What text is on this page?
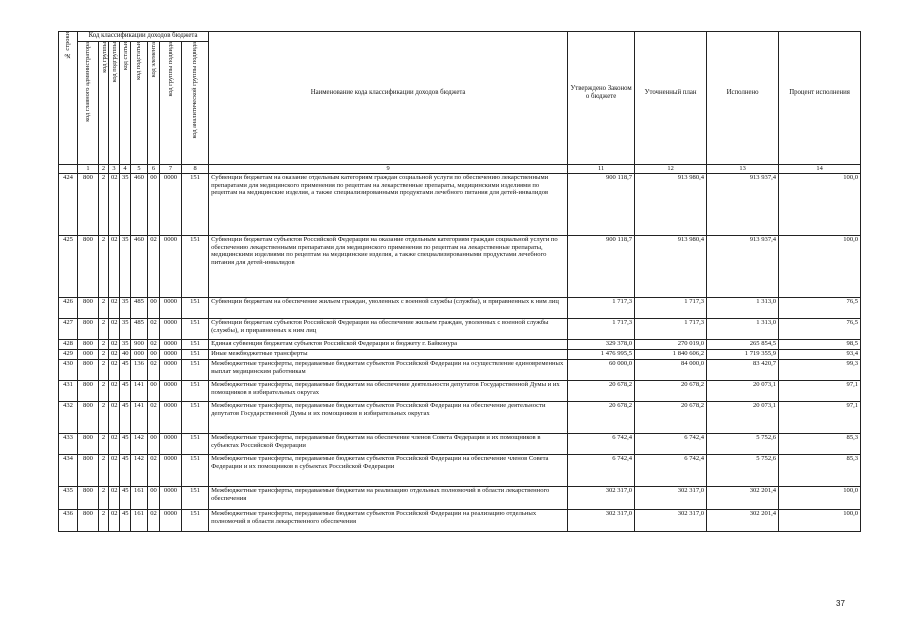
№ строки	Код классификации доходов бюджета								Наименование кода классификации доходов бюджета	Утверждено Законом о бюджете	Уточненный план	Исполнено	Процент исполнения

	код главного администратора	код группы	код подгруппы	код статьи	код подстатьи	код элемента	код группы подвида	код аналитической группы подвида					
	1	2	3	4	5	6	7	8	9	11	12	13	14
424	800	2	02	35	460	00	0000	151	Субвенции бюджетам на оказание отдельным категориям граждан социальной услуги по обеспечению лекарственными препаратами для медицинского применения по рецептам на лекарственные препараты, медицинскими изделиями по рецептам на медицинские изделия, а также специализированными продуктами лечебного питания для детей-инвалидов	900 118,7	913 980,4	913 937,4	100,0
425	800	2	02	35	460	02	0000	151	Субвенции бюджетам субъектов Российской Федерации на оказание отдельным категориям граждан социальной услуги по обеспечению лекарственными препаратами для медицинского применения по рецептам на лекарственные препараты, медицинскими изделиями по рецептам на медицинские изделия, а также специализированными продуктами лечебного питания для детей-инвалидов	900 118,7	913 980,4	913 937,4	100,0
426	800	2	02	35	485	00	0000	151	Субвенции бюджетам на обеспечение жильем граждан, уволенных с военной службы (службы), и приравненных к ним лиц	1 717,3	1 717,3	1 313,0	76,5
427	800	2	02	35	485	02	0000	151	Субвенции бюджетам субъектов Российской Федерации на обеспечение жильем граждан, уволенных с военной службы (службы), и приравненных к ним лиц	1 717,3	1 717,3	1 313,0	76,5
428	800	2	02	35	900	02	0000	151	Единая субвенция бюджетам субъектов Российской Федерации и бюджету г. Байконура	329 378,0	270 019,0	265 854,5	98,5
429	000	2	02	40	000	00	0000	151	Иные межбюджетные трансферты	1 476 995,5	1 840 606,2	1 719 355,9	93,4
430	800	2	02	45	136	02	0000	151	Межбюджетные трансферты, передаваемые бюджетам субъектов Российской Федерации на осуществление единовременных выплат медицинским работникам	60 000,0	84 000,0	83 420,7	99,3
431	800	2	02	45	141	00	0000	151	Межбюджетные трансферты, передаваемые бюджетам на обеспечение деятельности депутатов Государственной Думы и их помощников в избирательных округах	20 678,2	20 678,2	20 073,1	97,1
432	800	2	02	45	141	02	0000	151	Межбюджетные трансферты, передаваемые бюджетам субъектов Российской Федерации на обеспечение деятельности депутатов Государственной Думы и их помощников в избирательных округах	20 678,2	20 678,2	20 073,1	97,1
433	800	2	02	45	142	00	0000	151	Межбюджетные трансферты, передаваемые бюджетам на обеспечение членов Совета Федерации и их помощников в субъектах Российской Федерации	6 742,4	6 742,4	5 752,6	85,3
434	800	2	02	45	142	02	0000	151	Межбюджетные трансферты, передаваемые бюджетам субъектов Российской Федерации на обеспечение членов Совета Федерации и их помощников в субъектах Российской Федерации	6 742,4	6 742,4	5 752,6	85,3
435	800	2	02	45	161	00	0000	151	Межбюджетные трансферты, передаваемые бюджетам на реализацию отдельных полномочий в области лекарственного обеспечения	302 317,0	302 317,0	302 201,4	100,0
436	800	2	02	45	161	02	0000	151	Межбюджетные трансферты, передаваемые бюджетам субъектов Российской Федерации на реализацию отдельных полномочий в области лекарственного обеспечения	302 317,0	302 317,0	302 201,4	100,0
37
